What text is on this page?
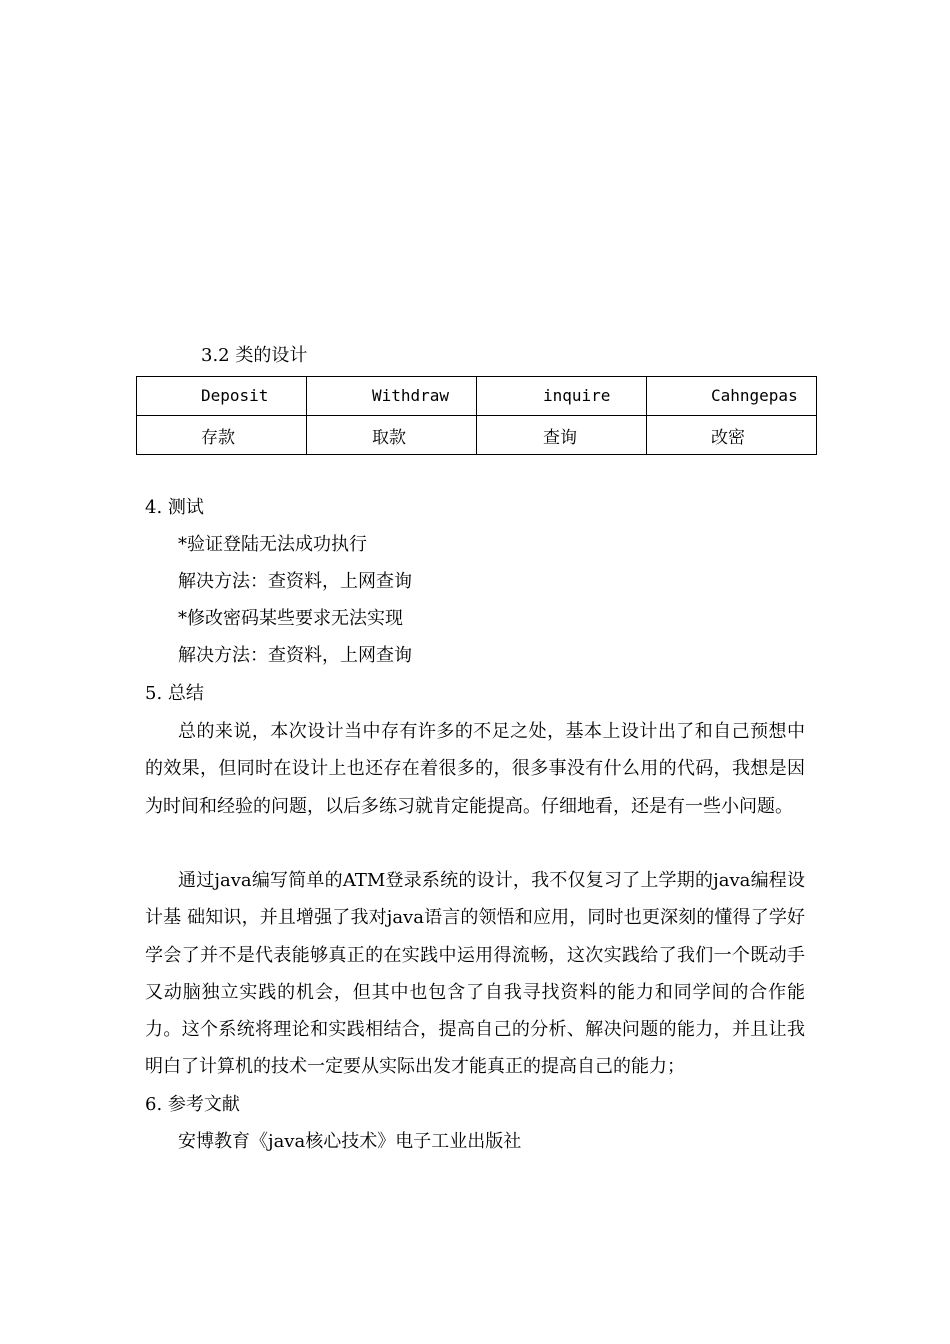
3.2 类的设计
Deposit	Withdraw	inquire	Cahngepas
存款	取款	查询	改密
4. 测试
*验证登陆无法成功执行
解决方法：查资料，上网查询
*修改密码某些要求无法实现
解决方法：查资料，上网查询
5. 总结
总的来说，本次设计当中存有许多的不足之处，基本上设计出了和自己预想中的效果，但同时在设计上也还存在着很多的，很多事没有什么用的代码，我想是因为时间和经验的问题，以后多练习就肯定能提高。仔细地看，还是有一些小问题。
通过java编写简单的ATM登录系统的设计，我不仅复习了上学期的java编程设计基 础知识，并且增强了我对java语言的领悟和应用，同时也更深刻的懂得了学好学会了并不是代表能够真正的在实践中运用得流畅，这次实践给了我们一个既动手又动脑独立实践的机会，但其中也包含了自我寻找资料的能力和同学间的合作能力。这个系统将理论和实践相结合，提高自己的分析、解决问题的能力，并且让我明白了计算机的技术一定要从实际出发才能真正的提高自己的能力；
6. 参考文献
安博教育《java核心技术》电子工业出版社
